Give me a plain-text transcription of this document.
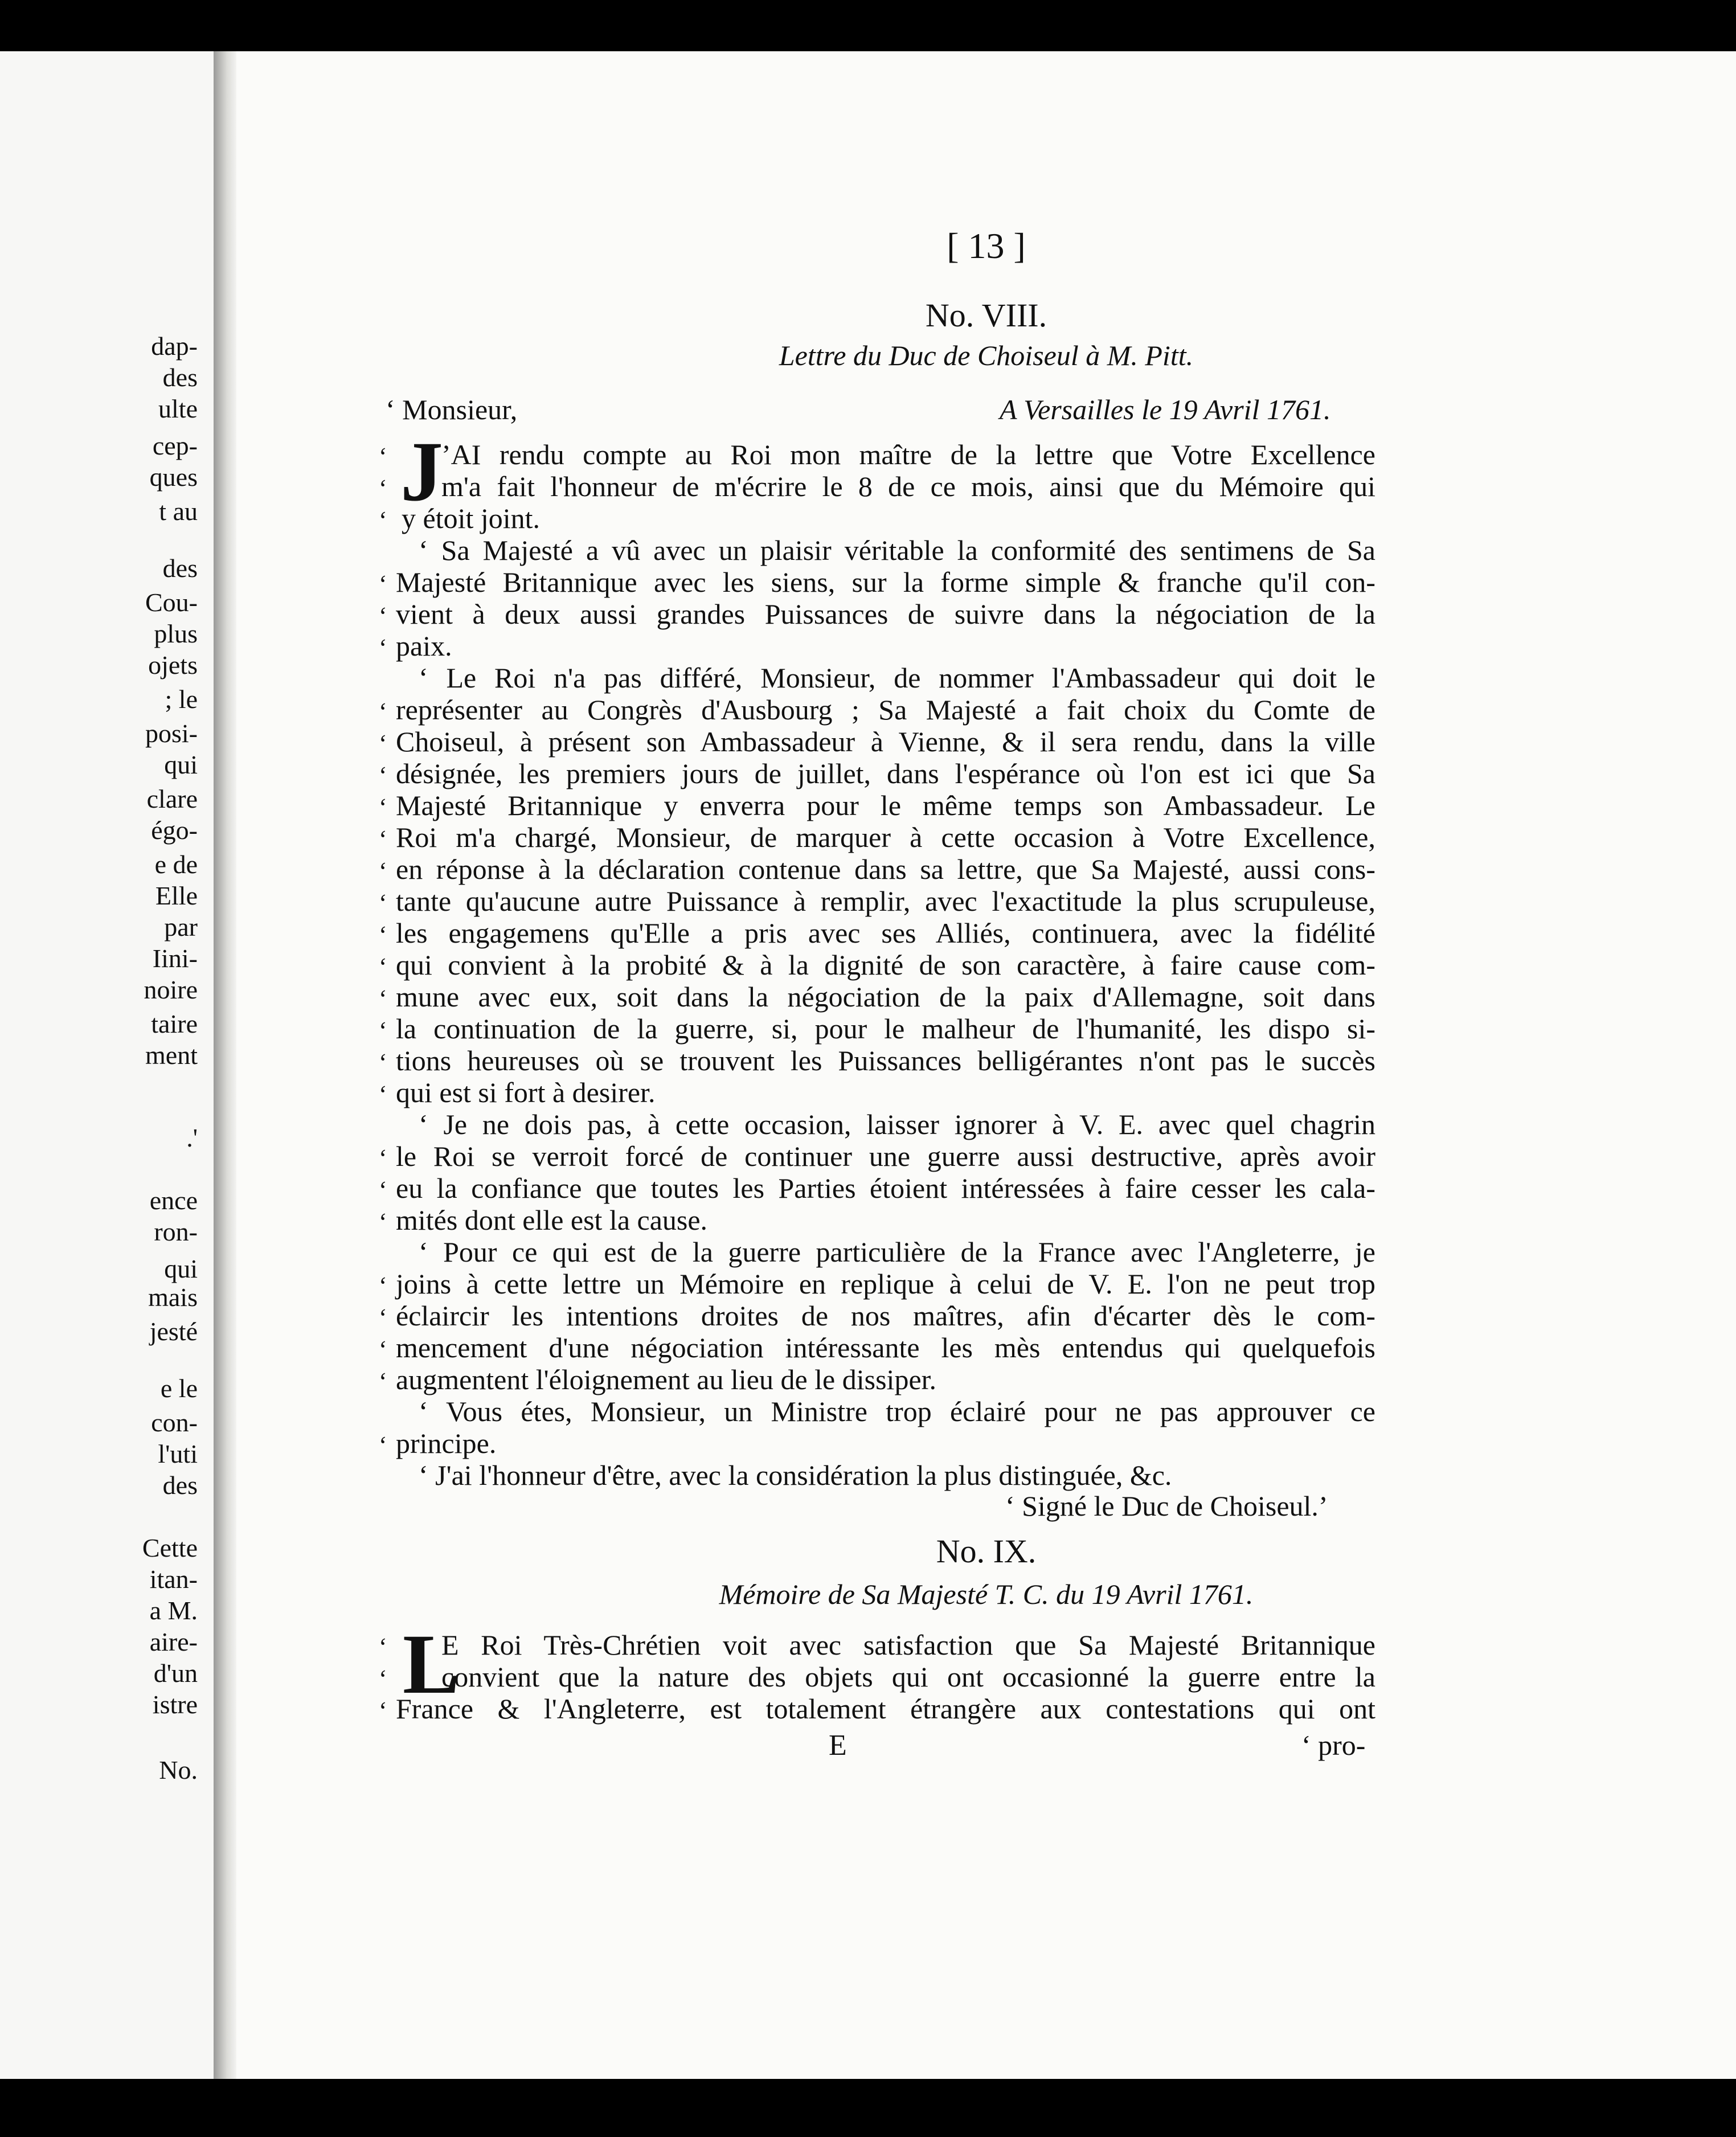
dap-
des
ulte
cep-
ques
t au
des
Cou-
plus
ojets
; le
posi-
qui
clare
égo-
e de
Elle
par
Iini-
noire
taire
ment
.'
ence
ron-
qui
mais
jesté
e le
con-
l'uti
des
Cette
itan-
a M.
aire-
d'un
istre
No.
[ 13 ]
No. VIII.
Lettre du Duc de Choiseul à M. Pitt.
‘ Monsieur,	A Versailles le 19 Avril 1761.
’AI rendu compte au Roi mon maître de la lettre que Votre Excellence
‘
m'a fait l'honneur de m'écrire le 8 de ce mois, ainsi que du Mémoire qui
‘
y étoit joint.
‘
‘ Sa Majesté a vû avec un plaisir véritable la conformité des sentimens de Sa
Majesté Britannique avec les siens, sur la forme simple & franche qu'il con-
‘
vient à deux aussi grandes Puissances de suivre dans la négociation de la
‘
paix.
‘
‘ Le Roi n'a pas différé, Monsieur, de nommer l'Ambassadeur qui doit le
représenter au Congrès d'Ausbourg ; Sa Majesté a fait choix du Comte de
‘
Choiseul, à présent son Ambassadeur à Vienne, & il sera rendu, dans la ville
‘
désignée, les premiers jours de juillet, dans l'espérance où l'on est ici que Sa
‘
Majesté Britannique y enverra pour le même temps son Ambassadeur. Le
‘
Roi m'a chargé, Monsieur, de marquer à cette occasion à Votre Excellence,
‘
en réponse à la déclaration contenue dans sa lettre, que Sa Majesté, aussi cons-
‘
tante qu'aucune autre Puissance à remplir, avec l'exactitude la plus scrupuleuse,
‘
les engagemens qu'Elle a pris avec ses Alliés, continuera, avec la fidélité
‘
qui convient à la probité & à la dignité de son caractère, à faire cause com-
‘
mune avec eux, soit dans la négociation de la paix d'Allemagne, soit dans
‘
la continuation de la guerre, si, pour le malheur de l'humanité, les dispo si-
‘
tions heureuses où se trouvent les Puissances belligérantes n'ont pas le succès
‘
qui est si fort à desirer.
‘
‘ Je ne dois pas, à cette occasion, laisser ignorer à V. E. avec quel chagrin
le Roi se verroit forcé de continuer une guerre aussi destructive, après avoir
‘
eu la confiance que toutes les Parties étoient intéressées à faire cesser les cala-
‘
mités dont elle est la cause.
‘
‘ Pour ce qui est de la guerre particulière de la France avec l'Angleterre, je
joins à cette lettre un Mémoire en replique à celui de V. E. l'on ne peut trop
‘
éclaircir les intentions droites de nos maîtres, afin d'écarter dès le com-
‘
mencement d'une négociation intéressante les mès entendus qui quelquefois
‘
augmentent l'éloignement au lieu de le dissiper.
‘
‘ Vous étes, Monsieur, un Ministre trop éclairé pour ne pas approuver ce
principe.
‘
‘ J'ai l'honneur d'être, avec la considération la plus distinguée, &c.
J
‘ Signé le Duc de Choiseul.’
No. IX.
Mémoire de Sa Majesté T. C. du 19 Avril 1761.
E Roi Très-Chrétien voit avec satisfaction que Sa Majesté Britannique
‘
convient que la nature des objets qui ont occasionné la guerre entre la
‘
France & l'Angleterre, est totalement étrangère aux contestations qui ont
‘ L
E	‘ pro-
